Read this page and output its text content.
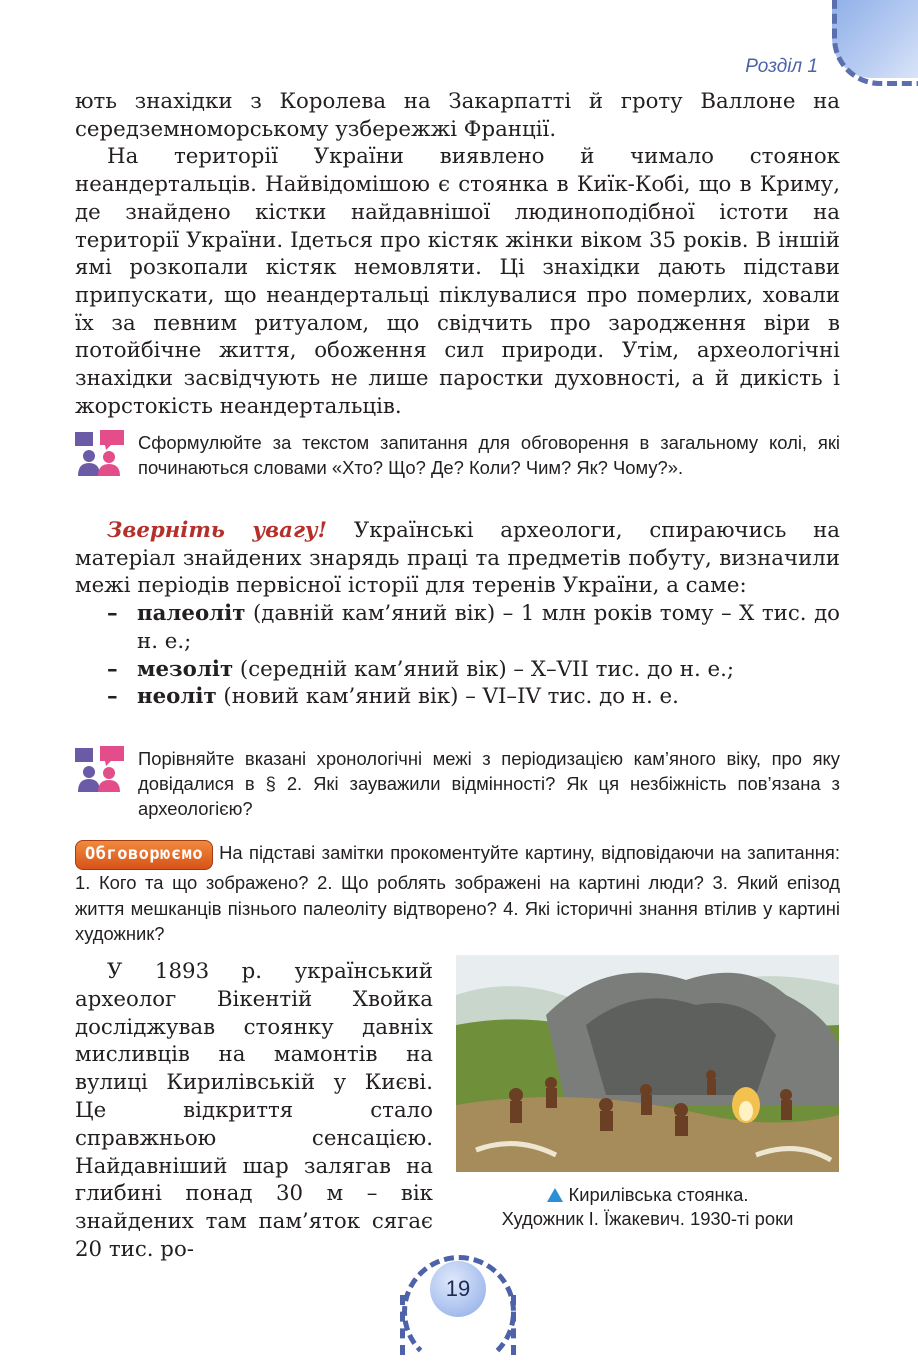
Розділ 1

ють знахідки з Королева на Закарпатті й гроту Валлоне на середземноморському узбережжі Франції.

На території України виявлено й чимало стоянок неандертальців. Найвідомішою є стоянка в Киїк-Кобі, що в Криму, де знайдено кістки найдавнішої людиноподібної істоти на території України. Ідеться про кістяк жінки віком 35 років. В іншій ямі розкопали кістяк немовляти. Ці знахідки дають підстави припускати, що неандертальці піклувалися про померлих, ховали їх за певним ритуалом, що свідчить про зародження віри в потойбічне життя, обоження сил природи. Утім, археологічні знахідки засвідчують не лише паростки духовності, а й дикість і жорстокість неандертальців.

Сформулюйте за текстом запитання для обговорення в загальному колі, які починаються словами «Хто? Що? Де? Коли? Чим? Як? Чому?».

Зверніть увагу! Українські археологи, спираючись на матеріал знайдених знарядь праці та предметів побуту, визначили межі періодів первісної історії для теренів України, а саме:

– палеоліт (давній кам’яний вік) – 1 млн років тому – Х тис. до н. е.;
– мезоліт (середній кам’яний вік) – Х–VII тис. до н. е.;
– неоліт (новий кам’яний вік) – VI–IV тис. до н. е.
Порівняйте вказані хронологічні межі з періодизацією кам’яного віку, про яку довідалися в § 2. Які зауважили відмінності? Як ця незбіжність пов’язана з археологією?
Обговорюємо На підставі замітки прокоментуйте картину, відповідаючи на запитання: 1. Кого та що зображено? 2. Що роблять зображені на картині люди? 3. Який епізод життя мешканців пізнього палеоліту відтворено? 4. Які історичні знання втілив у картині художник?

У 1893 р. український археолог Вікентій Хвойка досліджував стоянку давніх мисливців на мамонтів на вулиці Кирилівській у Києві. Це відкриття стало справжньою сенсацією. Найдавніший шар залягав на глибині понад 30 м – вік знайдених там пам’яток сягає 20 тис. ро-

Кирилівська стоянка.
Художник І. Їжакевич. 1930-ті роки
19
